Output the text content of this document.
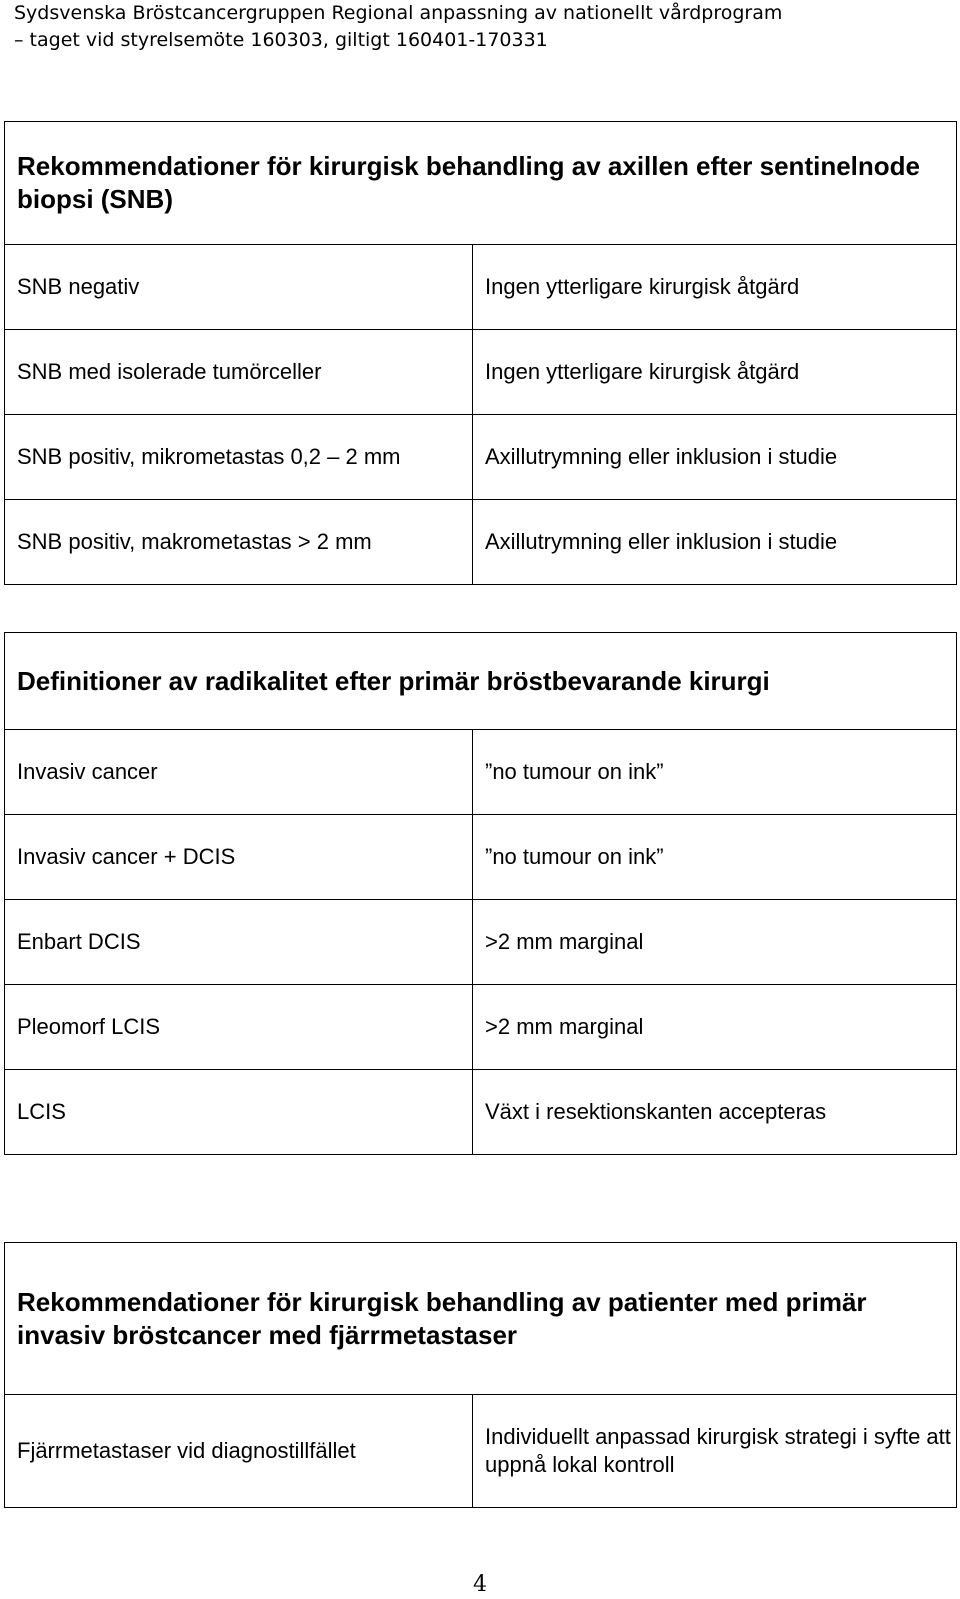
Sydsvenska Bröstcancergruppen Regional anpassning av nationellt vårdprogram
– taget vid styrelsemöte 160303, giltigt 160401-170331
Rekommendationer för kirurgisk behandling av axillen efter sentinelnode biopsi (SNB)	
SNB negativ	Ingen ytterligare kirurgisk åtgärd
SNB med isolerade tumörceller	Ingen ytterligare kirurgisk åtgärd
SNB positiv, mikrometastas 0,2 – 2 mm	Axillutrymning eller inklusion i studie
SNB positiv, makrometastas > 2 mm	Axillutrymning eller inklusion i studie
Definitioner av radikalitet efter primär bröstbevarande kirurgi	
Invasiv cancer	”no tumour on ink”
Invasiv cancer + DCIS	”no tumour on ink”
Enbart DCIS	>2 mm marginal
Pleomorf LCIS	>2 mm marginal
LCIS	Växt i resektionskanten accepteras
Rekommendationer för kirurgisk behandling av patienter med primär invasiv bröstcancer med fjärrmetastaser
Fjärrmetastaser vid diagnostillfället	Individuellt anpassad kirurgisk strategi i syfte att uppnå lokal kontroll
4
